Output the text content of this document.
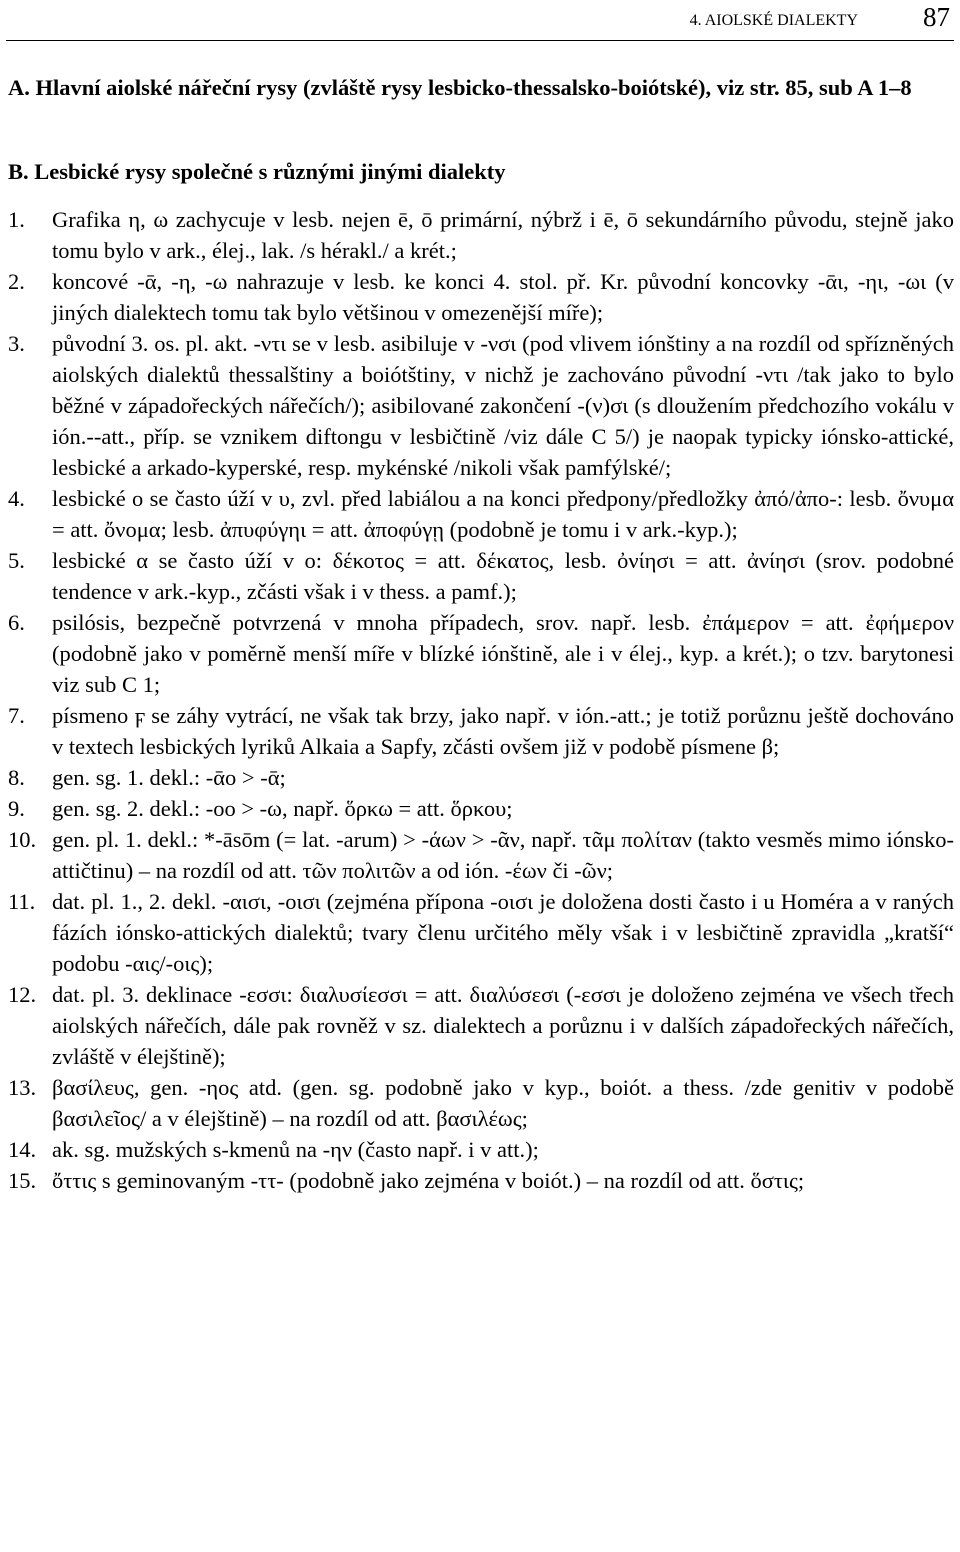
4. AIOLSKÉ DIALEKTY 87
A. Hlavní aiolské nářeční rysy (zvláště rysy lesbicko-thessalsko-boiótské), viz str. 85, sub A 1–8
B. Lesbické rysy společné s různými jinými dialekty
1.	Grafika η, ω zachycuje v lesb. nejen ē, ō primární, nýbrž i ē, ō sekundárního původu, stejně jako tomu bylo v ark., élej., lak. /s hérakl./ a krét.;
2.	koncové -ᾱ, -η, -ω nahrazuje v lesb. ke konci 4. stol. př. Kr. původní koncovky -ᾱι, -ηι, -ωι (v jiných dialektech tomu tak bylo většinou v omezenější míře);
3.	původní 3. os. pl. akt. -ντι se v lesb. asibiluje v -νσι (pod vlivem iónštiny a na rozdíl od spřízněných aiolských dialektů thessalštiny a boiótštiny, v nichž je zachováno původní -ντι /tak jako to bylo běžné v západořeckých nářečích/); asibilované zakončení -(ν)σι (s dloužením předchozího vokálu v ión.--att., příp. se vznikem diftongu v lesbičtině /viz dále C 5/) je naopak typicky iónsko-attické, lesbické a arkado-kyperské, resp. mykénské /nikoli však pamfýlské/;
4.	lesbické ο se často úží v υ, zvl. před labiálou a na konci předpony/předložky ἀπό/ἀπο-: lesb. ὄνυμα = att. ὄνομα; lesb. ἀπυφύγηι = att. ἀποφύγῃ (podobně je tomu i v ark.-kyp.);
5.	lesbické α se často úží v ο: δέκοτος = att. δέκατος, lesb. ὀνίησι = att. ἀνίησι (srov. podobné tendence v ark.-kyp., zčásti však i v thess. a pamf.);
6.	psilósis, bezpečně potvrzená v mnoha případech, srov. např. lesb. ἐπάμερον = att. ἐφήμερον (podobně jako v poměrně menší míře v blízké iónštině, ale i v élej., kyp. a krét.); o tzv. barytonesi viz sub C 1;
7.	písmeno ϝ se záhy vytrácí, ne však tak brzy, jako např. v ión.-att.; je totiž porůznu ještě dochováno v textech lesbických lyriků Alkaia a Sapfy, zčásti ovšem již v podobě písmene β;
8.	gen. sg. 1. dekl.: -ᾱο > -ᾱ;
9.	gen. sg. 2. dekl.: -οο > -ω, např. ὅρκω = att. ὅρκου;
10. gen. pl. 1. dekl.: *-āsōm (= lat. -arum) > -άων > -ᾶν, např. τᾶμ πολίταν (takto vesměs mimo iónsko-attičtinu) – na rozdíl od att. τῶν πολιτῶν a od ión. -έων či -ῶν;
11. dat. pl. 1., 2. dekl. -αισι, -οισι (zejména přípona -οισι je doložena dosti často i u Homéra a v raných fázích iónsko-attických dialektů; tvary členu určitého měly však i v lesbičtině zpravidla „kratší“ podobu -αις/-οις);
12. dat. pl. 3. deklinace -εσσι: διαλυσίεσσι = att. διαλύσεσι (-εσσι je doloženo zejména ve všech třech aiolských nářečích, dále pak rovněž v sz. dialektech a porůznu i v dalších západořeckých nářečích, zvláště v élejštině);
13. βασίλευς, gen. -ηος atd. (gen. sg. podobně jako v kyp., boiót. a thess. /zde genitiv v podobě βασιλεῖος/ a v élejštině) – na rozdíl od att. βασιλέως;
14. ak. sg. mužských s-kmenů na -ην (často např. i v att.);
15. ὄττις s geminovaným -ττ- (podobně jako zejména v boiót.) – na rozdíl od att. ὅστις;
